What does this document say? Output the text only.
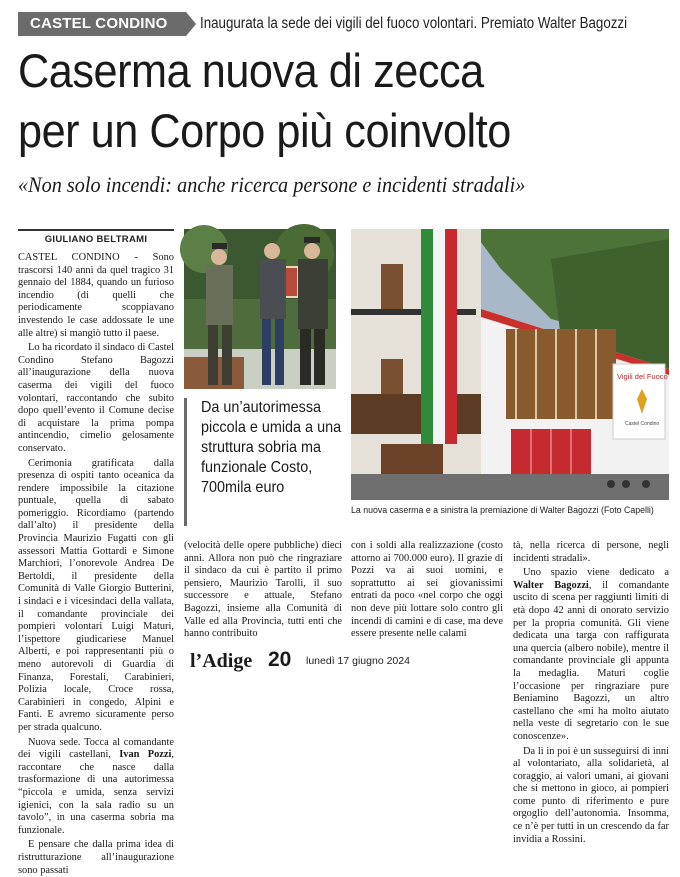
CASTEL CONDINO	Inaugurata la sede dei vigili del fuoco volontari. Premiato Walter Bagozzi
Caserma nuova di zecca
per un Corpo più coinvolto
«Non solo incendi: anche ricerca persone e incidenti stradali»
GIULIANO BELTRAMI

CASTEL CONDINO - Sono trascorsi 140 anni da quel tragico 31 gennaio del 1884, quando un furioso incendio (di quelli che periodicamente scoppiavano investendo le case addossate le une alle altre) si mangiò tutto il paese.

Lo ha ricordato il sindaco di Castel Condino Stefano Bagozzi all’inaugurazione della nuova caserma dei vigili del fuoco volontari, raccontando che subito dopo quell’evento il Comune decise di acquistare la prima pompa antincendio, cimelio gelosamente conservato.

Cerimonia gratificata dalla presenza di ospiti tanto oceanica da rendere impossibile la citazione puntuale, quella di sabato pomeriggio. Ricordiamo (partendo dall’alto) il presidente della Provincia Maurizio Fugatti con gli assessori Mattia Gottardi e Simone Marchiori, l’onorevole Andrea De Bertoldi, il presidente della Comunità di Valle Giorgio Butterini, i sindaci e i vicesindaci della vallata, il comandante provinciale dei pompieri volontari Luigi Maturi, l’ispettore giudicariese Manuel Alberti, e poi rappresentanti più o meno autorevoli di Guardia di Finanza, Forestali, Carabinieri, Polizia locale, Croce rossa, Carabinieri in congedo, Alpini e Fanti. E avremo sicuramente perso per strada qualcuno.

Nuova sede. Tocca al comandante dei vigili castellani, Ivan Pozzi, raccontare che nasce dalla trasformazione di una autorimessa “piccola e umida, senza servizi igienici, con la sala radio su un tavolo”, in una caserma sobria ma funzionale.

E pensare che dalla prima idea di ristrutturazione all’inaugurazione sono passati

Da un’autorimessa piccola e umida a una struttura sobria ma funzionale Costo, 700mila euro
Vigili del Fuoco
Castel Condino
La nuova caserma e a sinistra la premiazione di Walter Bagozzi (Foto Capelli)

(velocità delle opere pubbliche) dieci anni. Allora non può che ringraziare il sindaco da cui è partito il primo pensiero, Maurizio Tarolli, il suo successore e attuale, Stefano Bagozzi, insieme alla Comunità di Valle ed alla Provincia, tutti enti che hanno contribuito

con i soldi alla realizzazione (costo attorno ai 700.000 euro). Il grazie di Pozzi va ai suoi uomini, e soprattutto ai sei giovanissimi entrati da poco «nel corpo che oggi non deve più lottare solo contro gli incendi di camini e di case, ma deve essere presente nelle calami

tà, nella ricerca di persone, negli incidenti stradali».

Uno spazio viene dedicato a Walter Bagozzi, il comandante uscito di scena per raggiunti limiti di età dopo 42 anni di onorato servizio per la propria comunità. Gli viene dedicata una targa con raffigurata una quercia (albero nobile), mentre il comandante provinciale gli appunta la medaglia. Maturi coglie l’occasione per ringraziare pure Beniamino Bagozzi, un altro castellano che «mi ha molto aiutato nella veste di segretario con le sue conoscenze».

Da lì in poi è un susseguirsi di inni al volontariato, alla solidarietà, al coraggio, ai valori umani, ai giovani che si mettono in gioco, ai pompieri come punto di riferimento e pure orgoglio dell’autonomia. Insomma, ce n’è per tutti in un crescendo da far invidia a Rossini.

l’Adige 20 lunedì 17 giugno 2024
